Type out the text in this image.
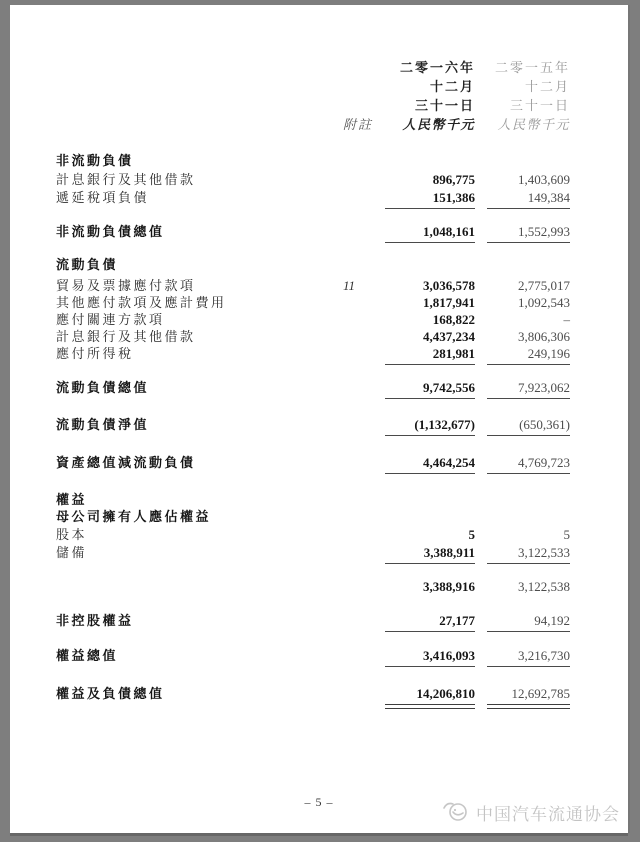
二零一六年	二零一五年
十二月	十二月
三十一日	三十一日
附註	人民幣千元	人民幣千元
非流動負債
計息銀行及其他借款	896,775	1,403,609
遞延稅項負債	151,386	149,384
非流動負債總值	1,048,161	1,552,993
流動負債
貿易及票據應付款項	11	3,036,578	2,775,017
其他應付款項及應計費用	1,817,941	1,092,543
應付關連方款項	168,822	–
計息銀行及其他借款	4,437,234	3,806,306
應付所得稅	281,981	249,196
流動負債總值	9,742,556	7,923,062
流動負債淨值	(1,132,677)	(650,361)
資產總值減流動負債	4,464,254	4,769,723
權益
母公司擁有人應佔權益
股本	5	5
儲備	3,388,911	3,122,533
3,388,916	3,122,538
非控股權益	27,177	94,192
權益總值	3,416,093	3,216,730
權益及負債總值	14,206,810	12,692,785
– 5 –
中国汽车流通协会
